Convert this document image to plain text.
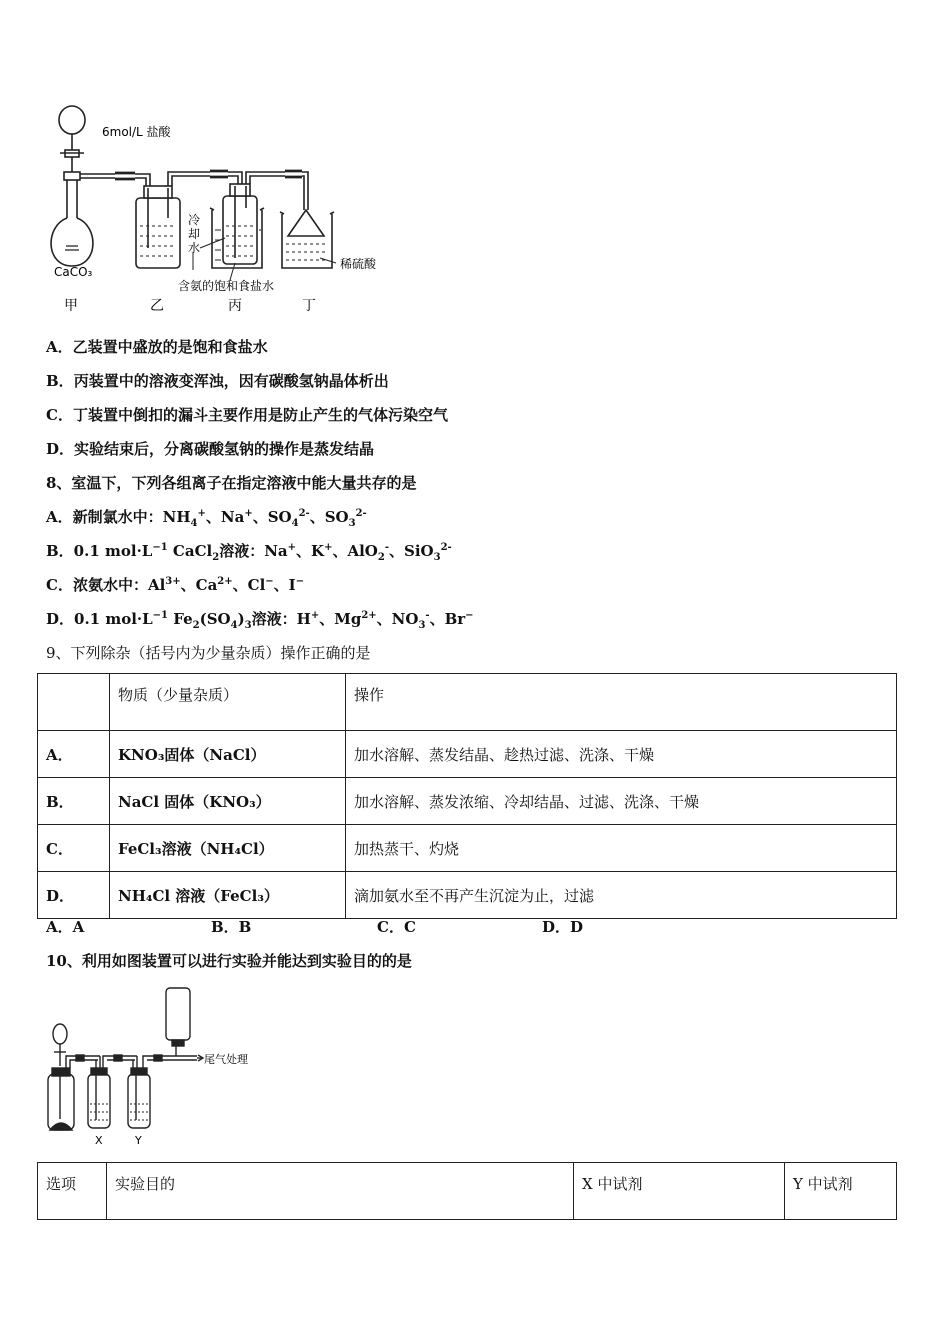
6mol/L 盐酸
CaCO₃
冷
却
水
含氨的饱和食盐水
稀硫酸
甲	乙	丙	丁
A．乙装置中盛放的是饱和食盐水
B．丙装置中的溶液变浑浊，因有碳酸氢钠晶体析出
C．丁装置中倒扣的漏斗主要作用是防止产生的气体污染空气
D．实验结束后，分离碳酸氢钠的操作是蒸发结晶
8、室温下，下列各组离子在指定溶液中能大量共存的是
A．新制氯水中：$NH_4^+$、Na+、$SO_4^{2-}$、$SO_3^{2-}$
B．0.1 $mol\cdot L^{-1}$ CaCl$_2$溶液：Na+、K+、AlO$_2$-、SiO$_3^{2-}$
C．浓氨水中：$Al^{3+}$、$Ca^{2+}$、Cl−、I−
D．0.1 $mol\cdot L^{-1}$ $Fe_2(SO_4)_3$溶液：H+、$Mg^{2+}$、$NO_3^-$、Br−
9、下列除杂（括号内为少量杂质）操作正确的是
	物质（少量杂质）	操作
A．	KNO₃固体（NaCl）	加水溶解、蒸发结晶、趁热过滤、洗涤、干燥
B．	NaCl 固体（KNO₃）	加水溶解、蒸发浓缩、冷却结晶、过滤、洗涤、干燥
C．	FeCl₃溶液（NH₄Cl）	加热蒸干、灼烧
D．	NH₄Cl 溶液（FeCl₃）	滴加氨水至不再产生沉淀为止，过滤
A．A	B．B	C．C	D．D
10、利用如图装置可以进行实验并能达到实验目的的是
尾气处理
X	Y
选项	实验目的	X 中试剂	Y 中试剂
